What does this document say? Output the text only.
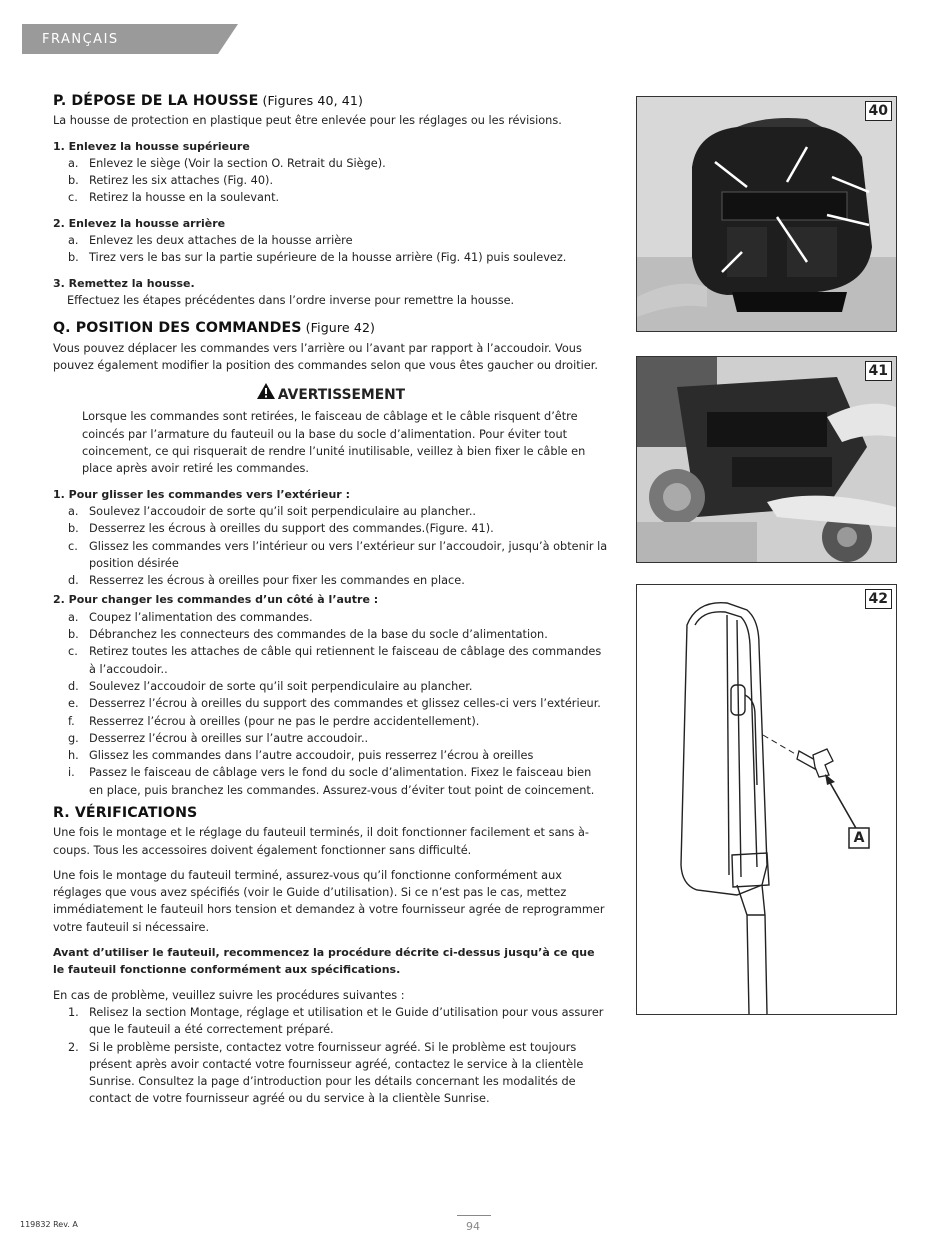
FRANÇAIS
P. DÉPOSE DE LA HOUSSE (Figures 40, 41)

La housse de protection en plastique peut être enlevée pour les réglages ou les révisions.

1. Enlevez la housse supérieure
a. Enlevez le siège (Voir la section O. Retrait du Siège).
b. Retirez les six attaches (Fig. 40).
c. Retirez la housse en la soulevant.
2. Enlevez la housse arrière
a. Enlevez les deux attaches de la housse arrière
b. Tirez vers le bas sur la partie supérieure de la housse arrière (Fig. 41) puis soulevez.
3. Remettez la housse.

Effectuez les étapes précédentes dans l’ordre inverse pour remettre la housse.

Q. POSITION DES COMMANDES (Figure 42)

Vous pouvez déplacer les commandes vers l’arrière ou l’avant par rapport à l’accoudoir. Vous pouvez également modifier la position des commandes selon que vous êtes gaucher ou droitier.

AVERTISSEMENT

Lorsque les commandes sont retirées, le faisceau de câblage et le câble risquent d’être coincés par l’armature du fauteuil ou la base du socle d’alimentation. Pour éviter tout coincement, ce qui risquerait de rendre l’unité inutilisable, veillez à bien fixer le câble en place après avoir retiré les commandes.

1. Pour glisser les commandes vers l’extérieur :
a. Soulevez l’accoudoir de sorte qu’il soit perpendiculaire au plancher..
b. Desserrez les écrous à oreilles du support des commandes.(Figure. 41).
c. Glissez les commandes vers l’intérieur ou vers l’extérieur sur l’accoudoir, jusqu’à obtenir la position désirée
d. Resserrez les écrous à oreilles pour fixer les commandes en place.
2. Pour changer les commandes d’un côté à l’autre :
a. Coupez l’alimentation des commandes.
b. Débranchez les connecteurs des commandes de la base du socle d’alimentation.
c. Retirez toutes les attaches de câble qui retiennent le faisceau de câblage des commandes à l’accoudoir..
d. Soulevez l’accoudoir de sorte qu’il soit perpendiculaire au plancher.
e. Desserrez l’écrou à oreilles du support des commandes et glissez celles-ci vers l’extérieur.
f. Resserrez l’écrou à oreilles (pour ne pas le perdre accidentellement).
g. Desserrez l’écrou à oreilles sur l’autre accoudoir..
h. Glissez les commandes dans l’autre accoudoir, puis resserrez l’écrou à oreilles
i. Passez le faisceau de câblage vers le fond du socle d’alimentation. Fixez le faisceau bien en place, puis branchez les commandes. Assurez-vous d’éviter tout point de coincement.
R. VÉRIFICATIONS

Une fois le montage et le réglage du fauteuil terminés, il doit fonctionner facilement et sans à-coups. Tous les accessoires doivent également fonctionner sans difficulté.

Une fois le montage du fauteuil terminé, assurez-vous qu’il fonctionne conformément aux réglages que vous avez spécifiés (voir le Guide d’utilisation). Si ce n’est pas le cas, mettez immédiatement le fauteuil hors tension et demandez à votre fournisseur agrée de reprogrammer votre fauteuil si nécessaire.

Avant d’utiliser le fauteuil, recommencez la procédure décrite ci-dessus jusqu’à ce que le fauteuil fonctionne conformément aux spécifications.

En cas de problème, veuillez suivre les procédures suivantes :

1. Relisez la section Montage, réglage et utilisation et le Guide d’utilisation pour vous assurer que le fauteuil a été correctement préparé.
2. Si le problème persiste, contactez votre fournisseur agréé. Si le problème est toujours présent après avoir contacté votre fournisseur agréé, contactez le service à la clientèle Sunrise. Consultez la page d’introduction pour les détails concernant les modalités de contact de votre fournisseur agréé ou du service à la clientèle Sunrise.
40
41
42
A
119832 Rev. A	94
